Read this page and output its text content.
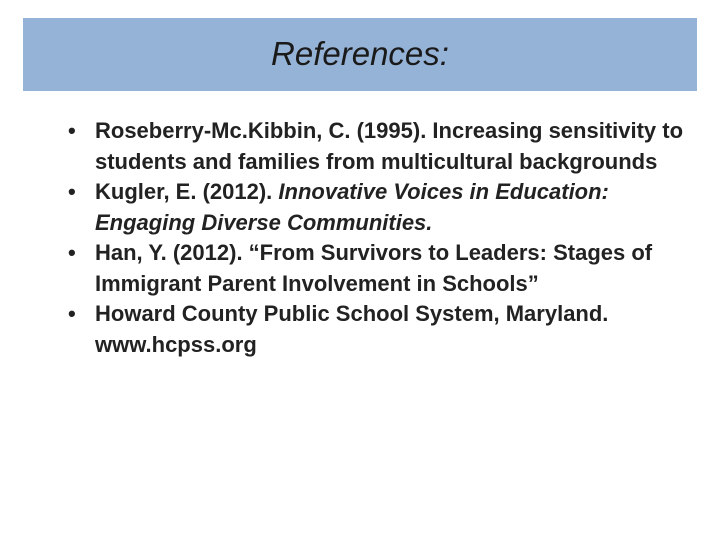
References:
• Roseberry-Mc.Kibbin, C. (1995). Increasing sensitivity to students and families from multicultural backgrounds
• Kugler, E. (2012). Innovative Voices in Education: Engaging Diverse Communities.
• Han, Y. (2012). “From Survivors to Leaders: Stages of Immigrant Parent Involvement in Schools”
• Howard County Public School System, Maryland. www.hcpss.org
